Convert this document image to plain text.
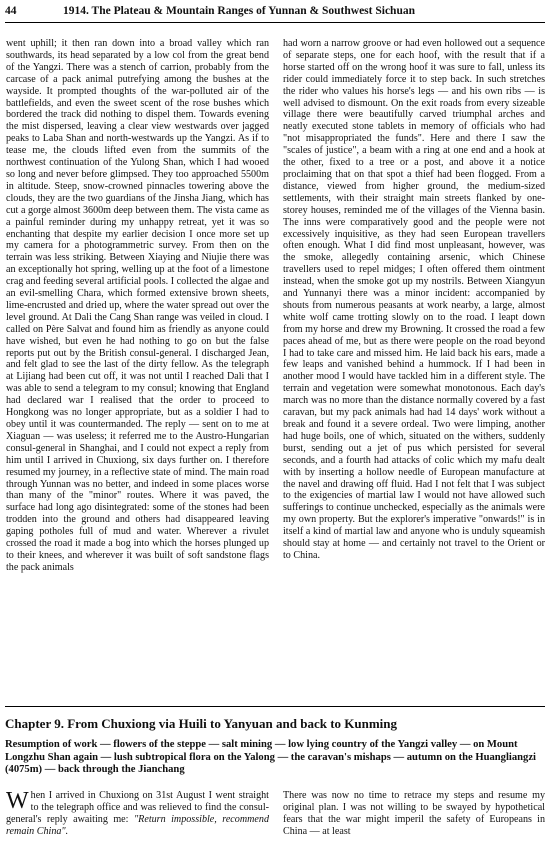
44	1914. The Plateau & Mountain Ranges of Yunnan & Southwest Sichuan

went uphill; it then ran down into a broad valley which ran southwards, its head separated by a low col from the great bend of the Yangzi. There was a stench of carrion, probably from the carcase of a pack animal putrefying among the bushes at the wayside. It prompted thoughts of the war-polluted air of the battlefields, and even the sweet scent of the rose bushes which bordered the track did nothing to dispel them. Towards evening the mist dispersed, leaving a clear view westwards over jagged peaks to Laba Shan and north-westwards up the Yangzi. As if to tease me, the clouds lifted even from the summits of the northwest continuation of the Yulong Shan, which I had wooed so long and never before glimpsed. They too approached 5500m in altitude. Steep, snow-crowned pinnacles towering above the clouds, they are the two guardians of the Jinsha Jiang, which has cut a gorge almost 3600m deep between them. The vista came as a painful reminder during my unhappy retreat, yet it was so enchanting that despite my earlier decision I once more set up my camera for a photogrammetric survey. From then on the terrain was less striking. Between Xiaying and Niujie there was an exceptionally hot spring, welling up at the foot of a limestone crag and feeding several artificial pools. I collected the algae and an evil-smelling Chara, which formed extensive brown sheets, lime-encrusted and dried up, where the water spread out over the level ground. At Dali the Cang Shan range was veiled in cloud. I called on Père Salvat and found him as friendly as anyone could have wished, but even he had nothing to go on but the false reports put out by the British consul-general. I discharged Jean, and felt glad to see the last of the dirty fellow. As the telegraph at Lijiang had been cut off, it was not until I reached Dali that I was able to send a telegram to my consul; knowing that England had declared war I realised that the order to proceed to Hongkong was no longer appropriate, but as a soldier I had to obey until it was countermanded. The reply — sent on to me at Xiaguan — was useless; it referred me to the Austro-Hungarian consul-general in Shanghai, and I could not expect a reply from him until I arrived in Chuxiong, six days further on. I therefore resumed my journey, in a reflective state of mind. The main road through Yunnan was no better, and indeed in some places worse than many of the "minor" routes. Where it was paved, the surface had long ago disintegrated: some of the stones had been trodden into the ground and others had disappeared leaving gaping potholes full of mud and water. Wherever a rivulet crossed the road it made a bog into which the horses plunged up to their knees, and wherever it was built of soft sandstone flags the pack animals

had worn a narrow groove or had even hollowed out a sequence of separate steps, one for each hoof, with the result that if a horse started off on the wrong hoof it was sure to fall, unless its rider could immediately force it to step back. In such stretches the rider who values his horse's legs — and his own ribs — is well advised to dismount. On the exit roads from every sizeable village there were beautifully carved triumphal arches and neatly executed stone tablets in memory of officials who had "not misappropriated the funds". Here and there I saw the "scales of justice", a beam with a ring at one end and a hook at the other, fixed to a tree or a post, and above it a notice proclaiming that on that spot a thief had been flogged. From a distance, viewed from higher ground, the medium-sized settlements, with their straight main streets flanked by one-storey houses, reminded me of the villages of the Vienna basin. The inns were comparatively good and the people were not excessively inquisitive, as they had seen European travellers often enough. What I did find most unpleasant, however, was the smoke, allegedly containing arsenic, which Chinese travellers used to repel midges; I often offered them ointment instead, when the smoke got up my nostrils. Between Xiangyun and Yunnanyi there was a minor incident: accompanied by shouts from numerous peasants at work nearby, a large, almost white wolf came trotting slowly on to the road. I leapt down from my horse and drew my Browning. It crossed the road a few paces ahead of me, but as there were people on the road beyond I had to take care and missed him. He laid back his ears, made a few leaps and vanished behind a hummock. If I had been in another mood I would have tackled him in a different style. The terrain and vegetation were somewhat monotonous. Each day's march was no more than the distance normally covered by a fast caravan, but my pack animals had had 14 days' work without a break and found it a severe ordeal. Two were limping, another had huge boils, one of which, situated on the withers, suddenly burst, sending out a jet of pus which persisted for several seconds, and a fourth had attacks of colic which my mafu dealt with by inserting a hollow needle of European manufacture at the navel and drawing off fluid. Had I not felt that I was subject to the exigencies of martial law I would not have allowed such sufferings to continue unchecked, especially as the animals were my own property. But the explorer's imperative "onwards!" is in itself a kind of martial law and anyone who is unduly squeamish should stay at home — and certainly not travel to the Orient or to China.

Chapter 9. From Chuxiong via Huili to Yanyuan and back to Kunming
Resumption of work — flowers of the steppe — salt mining — low lying country of the Yangzi valley — on Mount Longzhu Shan again — lush subtropical flora on the Yalong — the caravan's mishaps — autumn on the Huangliangzi (4075m) — back through the Jianchang

When I arrived in Chuxiong on 31st August I went straight to the telegraph office and was relieved to find the consul-general's reply awaiting me: "Return impossible, recommend remain China".

There was now no time to retrace my steps and resume my original plan. I was not willing to be swayed by hypothetical fears that the war might imperil the safety of Europeans in China — at least
